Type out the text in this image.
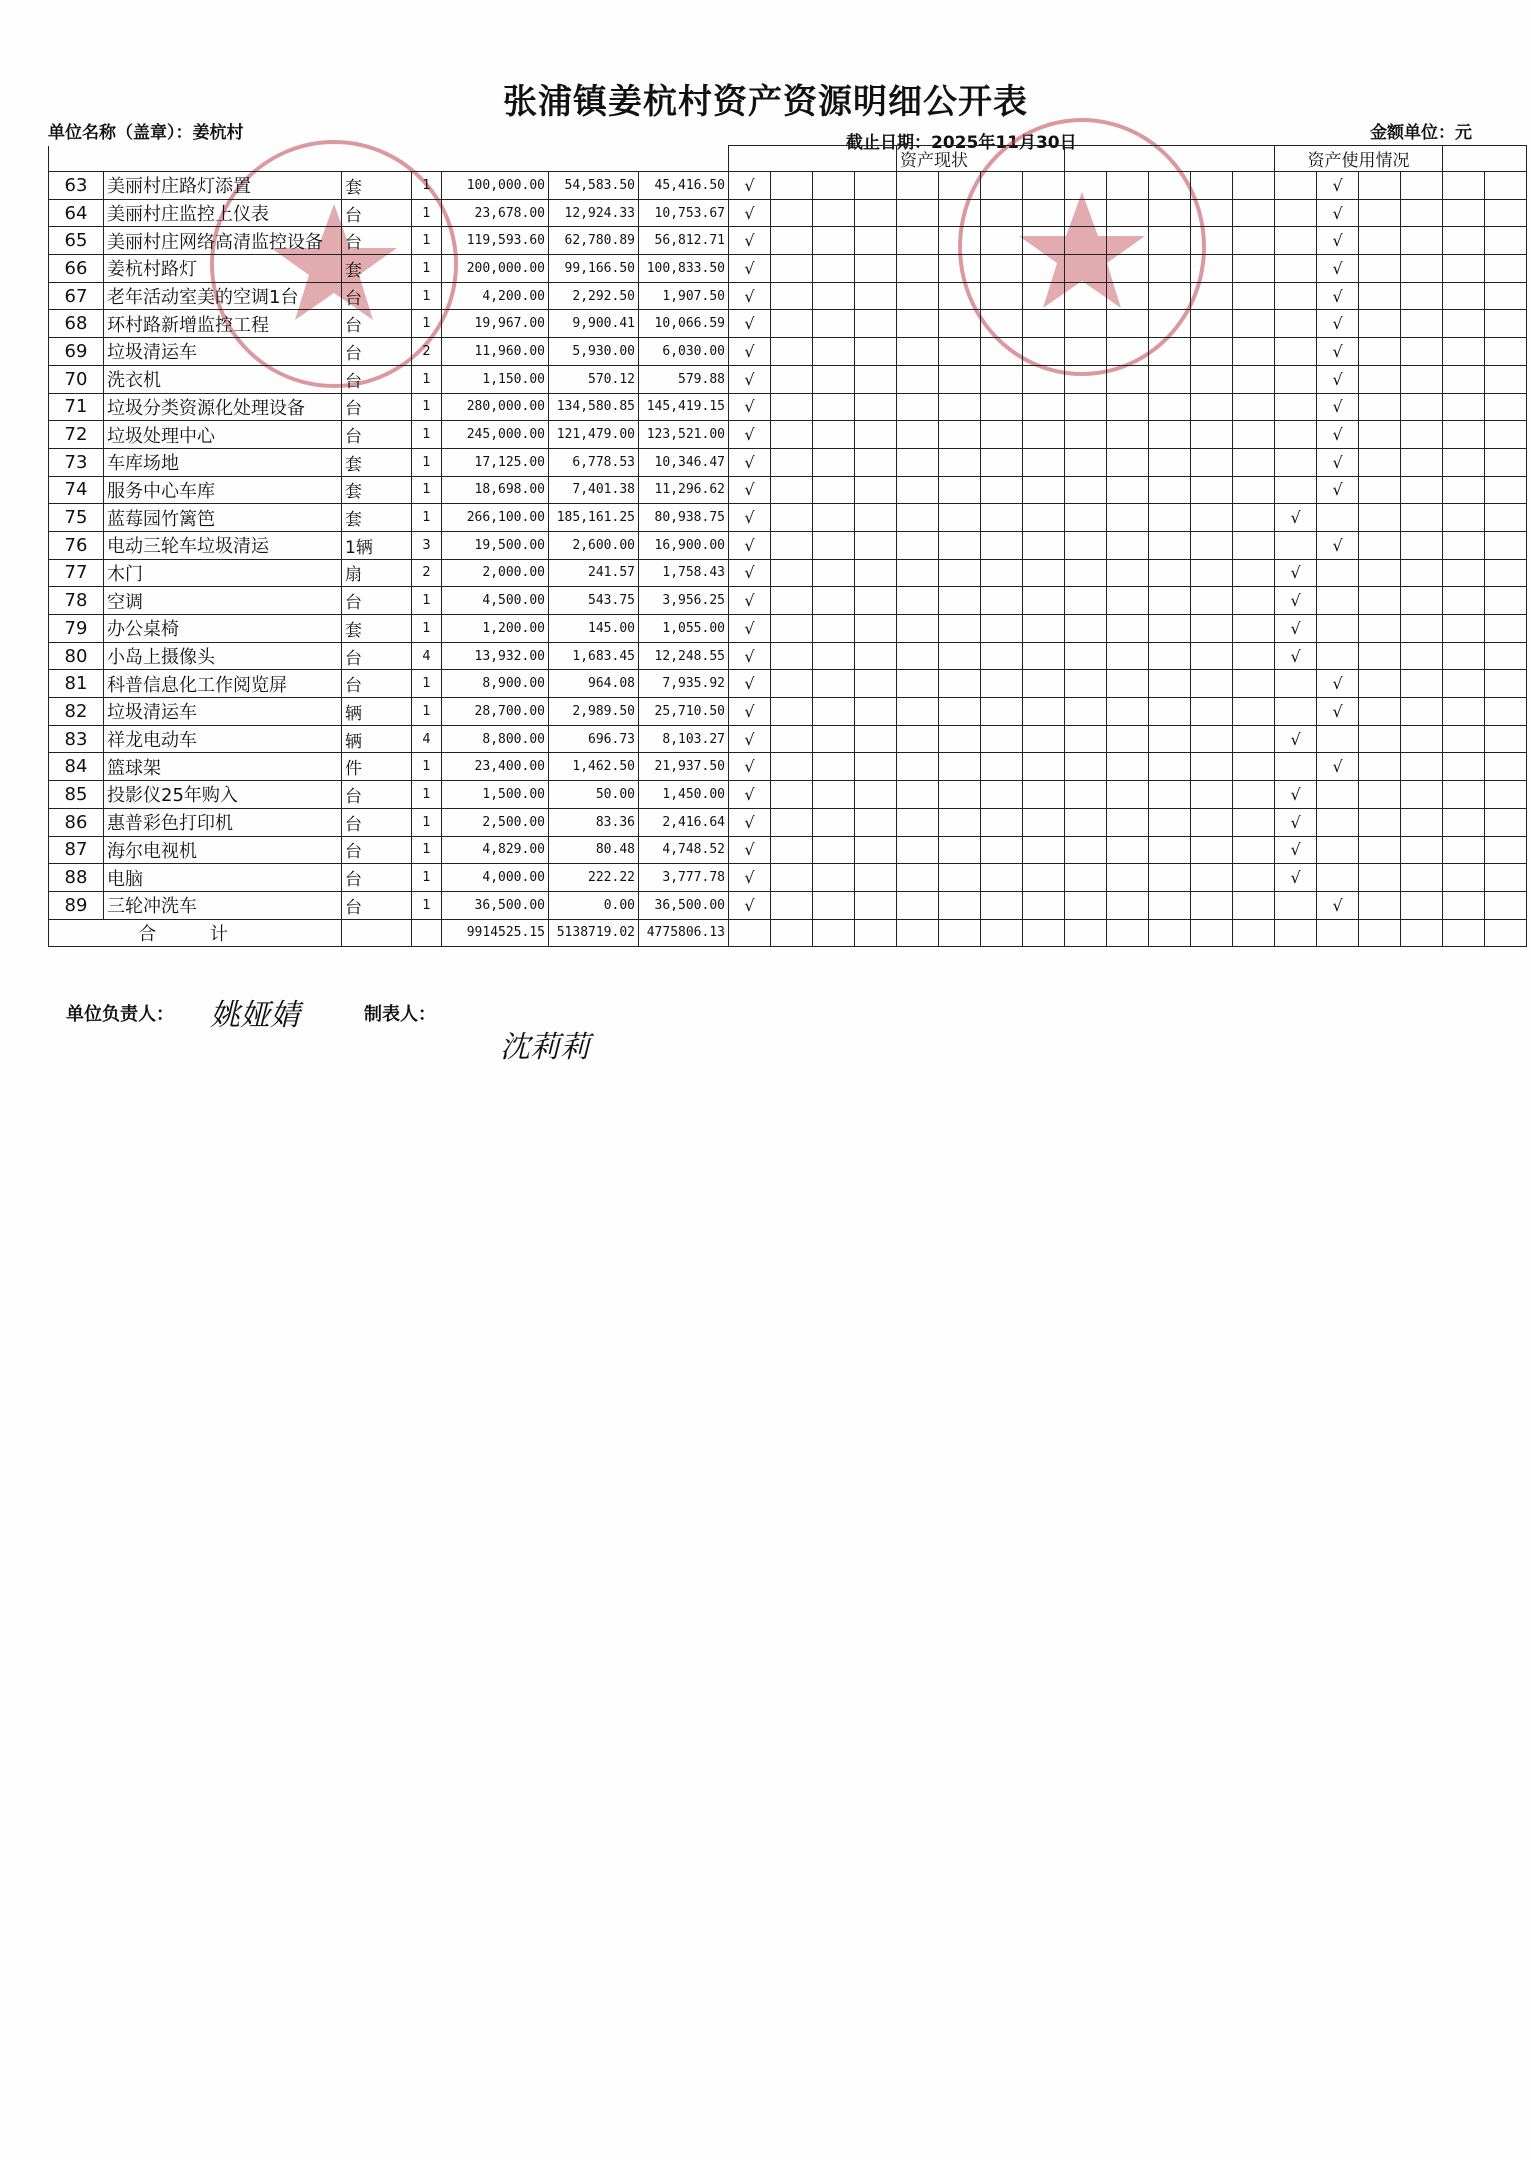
张浦镇姜杭村资产资源明细公开表
单位名称（盖章）：姜杭村	截止日期：2025年11月30日	金额单位：元
											资产现状									资产使用情况					
63	美丽村庄路灯添置	套	1	100,000.00	54,583.50	45,416.50	√														√				
64	美丽村庄监控上仪表	台	1	23,678.00	12,924.33	10,753.67	√														√				
65	美丽村庄网络高清监控设备	台	1	119,593.60	62,780.89	56,812.71	√														√				
66	姜杭村路灯	套	1	200,000.00	99,166.50	100,833.50	√														√				
67	老年活动室美的空调1台	台	1	4,200.00	2,292.50	1,907.50	√														√				
68	环村路新增监控工程	台	1	19,967.00	9,900.41	10,066.59	√														√				
69	垃圾清运车	台	2	11,960.00	5,930.00	6,030.00	√														√				
70	洗衣机	台	1	1,150.00	570.12	579.88	√														√				
71	垃圾分类资源化处理设备	台	1	280,000.00	134,580.85	145,419.15	√														√				
72	垃圾处理中心	台	1	245,000.00	121,479.00	123,521.00	√														√				
73	车库场地	套	1	17,125.00	6,778.53	10,346.47	√														√				
74	服务中心车库	套	1	18,698.00	7,401.38	11,296.62	√														√				
75	蓝莓园竹篱笆	套	1	266,100.00	185,161.25	80,938.75	√													√					
76	电动三轮车垃圾清运	1辆	3	19,500.00	2,600.00	16,900.00	√														√				
77	木门	扇	2	2,000.00	241.57	1,758.43	√													√					
78	空调	台	1	4,500.00	543.75	3,956.25	√													√					
79	办公桌椅	套	1	1,200.00	145.00	1,055.00	√													√					
80	小岛上摄像头	台	4	13,932.00	1,683.45	12,248.55	√													√					
81	科普信息化工作阅览屏	台	1	8,900.00	964.08	7,935.92	√														√				
82	垃圾清运车	辆	1	28,700.00	2,989.50	25,710.50	√														√				
83	祥龙电动车	辆	4	8,800.00	696.73	8,103.27	√													√					
84	篮球架	件	1	23,400.00	1,462.50	21,937.50	√														√				
85	投影仪25年购入	台	1	1,500.00	50.00	1,450.00	√													√					
86	惠普彩色打印机	台	1	2,500.00	83.36	2,416.64	√													√					
87	海尔电视机	台	1	4,829.00	80.48	4,748.52	√													√					
88	电脑	台	1	4,000.00	222.22	3,777.78	√													√					
89	三轮冲洗车	台	1	36,500.00	0.00	36,500.00	√														√				
合 计				9914525.15	5138719.02	4775806.13																			
单位负责人： 姚娅婧	制表人：
沈莉莉
